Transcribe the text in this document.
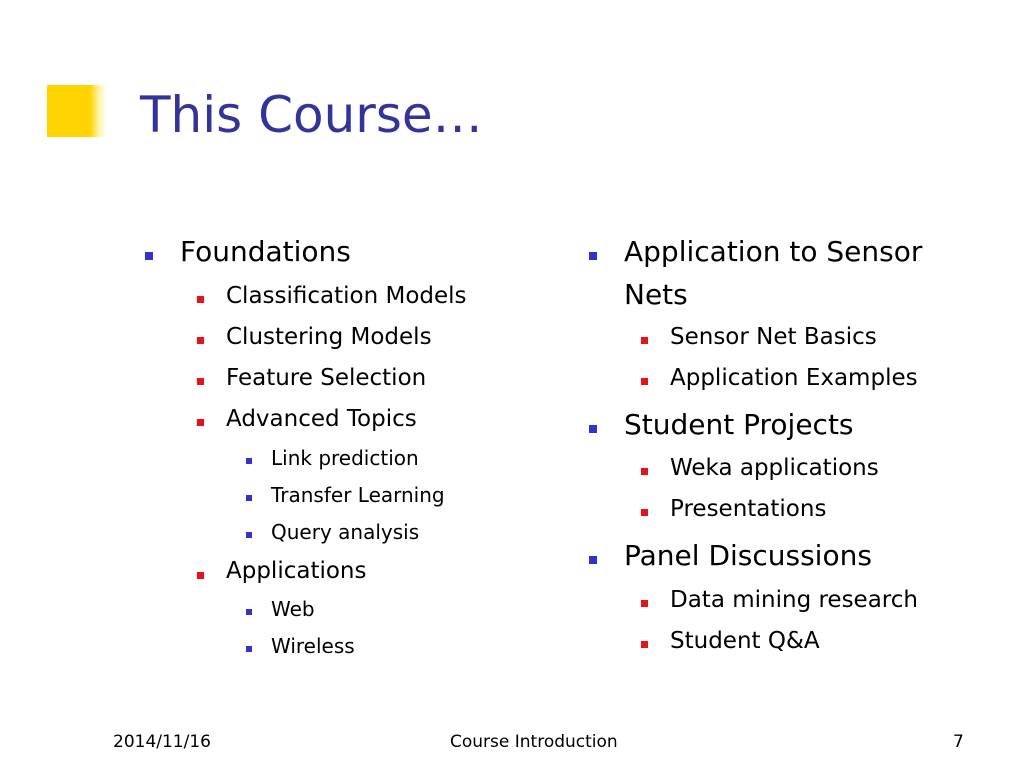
This Course…
Foundations
Classification Models
Clustering Models
Feature Selection
Advanced Topics
Link prediction
Transfer Learning
Query analysis
Applications
Web
Wireless
Application to Sensor
Nets
Sensor Net Basics
Application Examples
Student Projects
Weka applications
Presentations
Panel Discussions
Data mining research
Student Q&A
2014/11/16	Course Introduction	7
